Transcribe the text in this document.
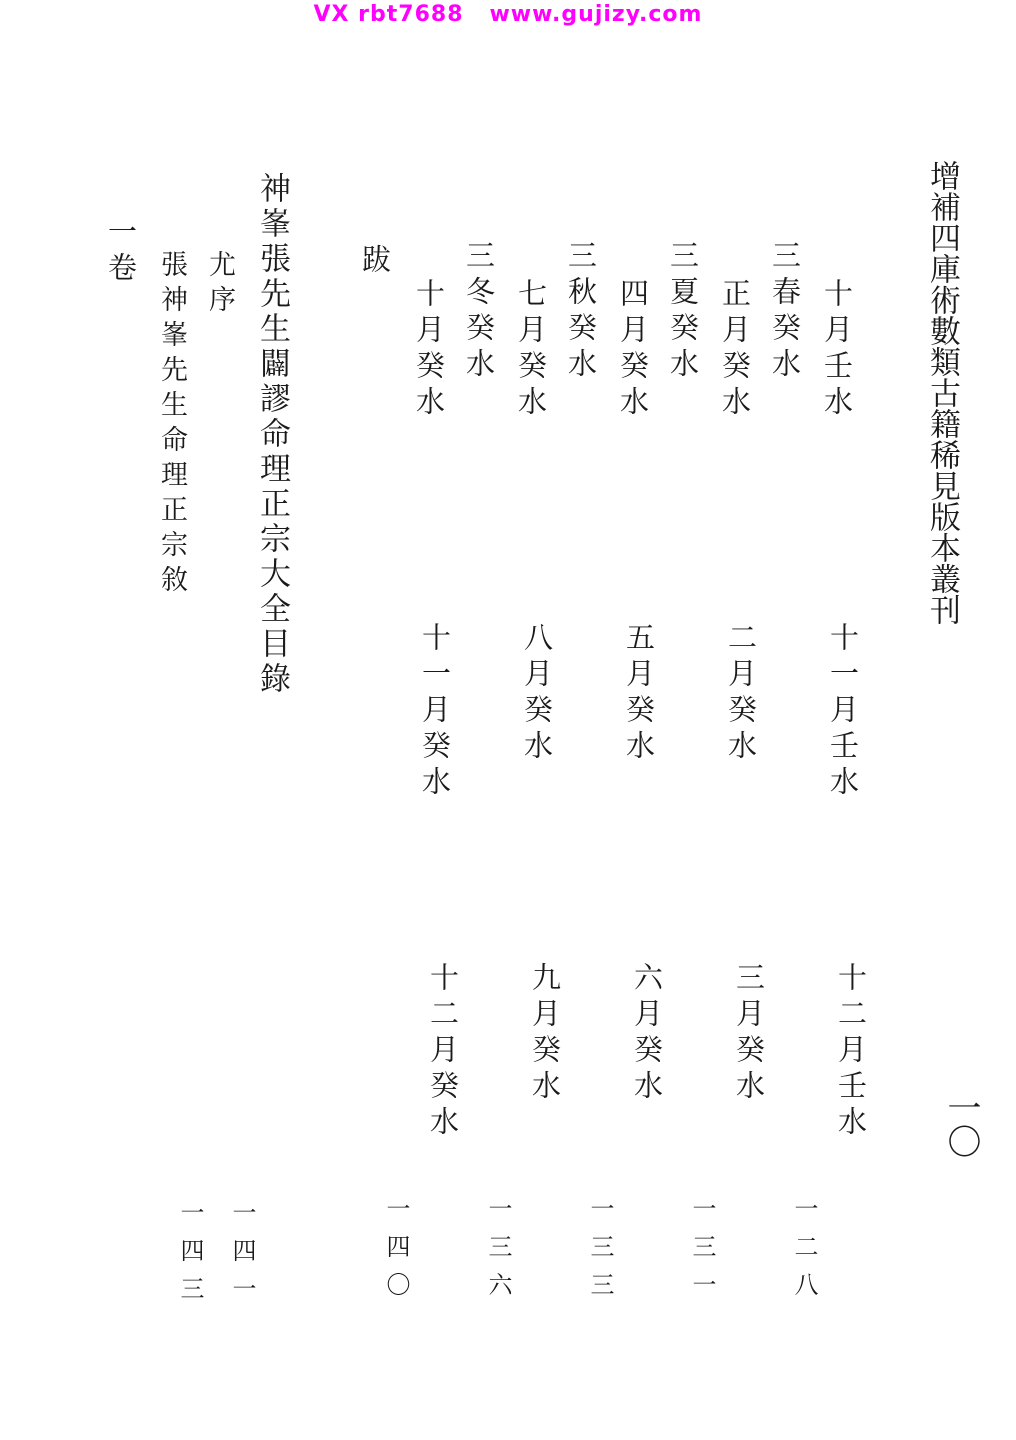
VX rbt7688   www.gujizy.com
增補四庫術數類古籍稀見版本叢刊
一〇
十月壬水
十一月壬水
十二月壬水
一二八
三春癸水
正月癸水
二月癸水
三月癸水
一三一
三夏癸水
四月癸水
五月癸水
六月癸水
一三三
三秋癸水
七月癸水
八月癸水
九月癸水
一三六
三冬癸水
十月癸水
十一月癸水
十二月癸水
一四〇
跋
神峯張先生闢謬命理正宗大全目錄
尤序
一四一
張神峯先生命理正宗敘
一四三
一卷
